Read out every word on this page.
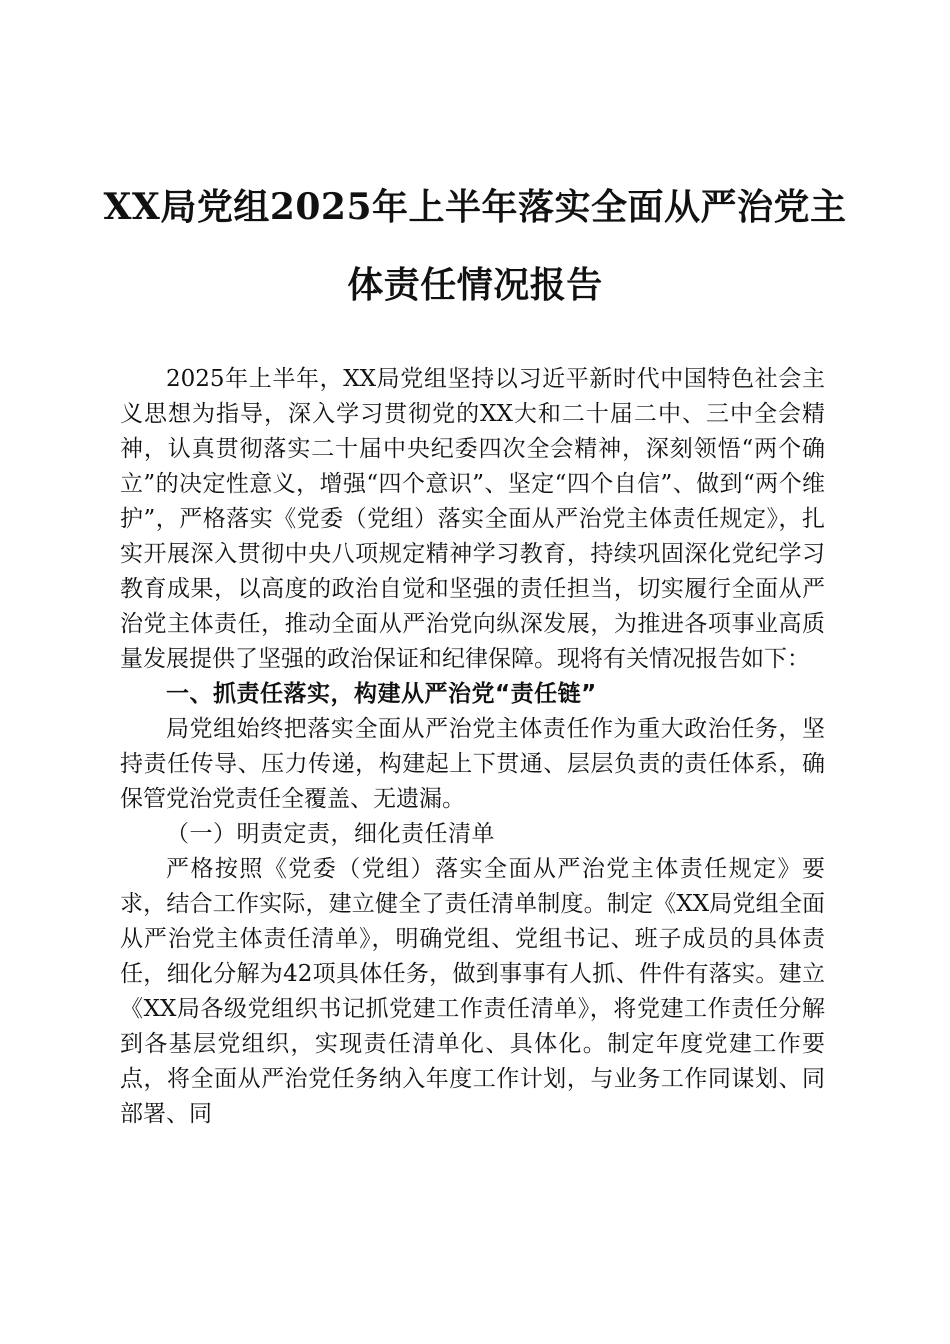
XX局党组2025年上半年落实全面从严治党主
体责任情况报告

2025年上半年，XX局党组坚持以习近平新时代中国特色社会主义思想为指导，深入学习贯彻党的XX大和二十届二中、三中全会精神，认真贯彻落实二十届中央纪委四次全会精神，深刻领悟“两个确立”的决定性意义，增强“四个意识”、坚定“四个自信”、做到“两个维护”，严格落实《党委（党组）落实全面从严治党主体责任规定》，扎实开展深入贯彻中央八项规定精神学习教育，持续巩固深化党纪学习教育成果，以高度的政治自觉和坚强的责任担当，切实履行全面从严治党主体责任，推动全面从严治党向纵深发展，为推进各项事业高质量发展提供了坚强的政治保证和纪律保障。现将有关情况报告如下：

一、抓责任落实，构建从严治党“责任链”

局党组始终把落实全面从严治党主体责任作为重大政治任务，坚持责任传导、压力传递，构建起上下贯通、层层负责的责任体系，确保管党治党责任全覆盖、无遗漏。

（一）明责定责，细化责任清单

严格按照《党委（党组）落实全面从严治党主体责任规定》要求，结合工作实际，建立健全了责任清单制度。制定《XX局党组全面从严治党主体责任清单》，明确党组、党组书记、班子成员的具体责任，细化分解为42项具体任务，做到事事有人抓、件件有落实。建立《XX局各级党组织书记抓党建工作责任清单》，将党建工作责任分解到各基层党组织，实现责任清单化、具体化。制定年度党建工作要点，将全面从严治党任务纳入年度工作计划，与业务工作同谋划、同部署、同
